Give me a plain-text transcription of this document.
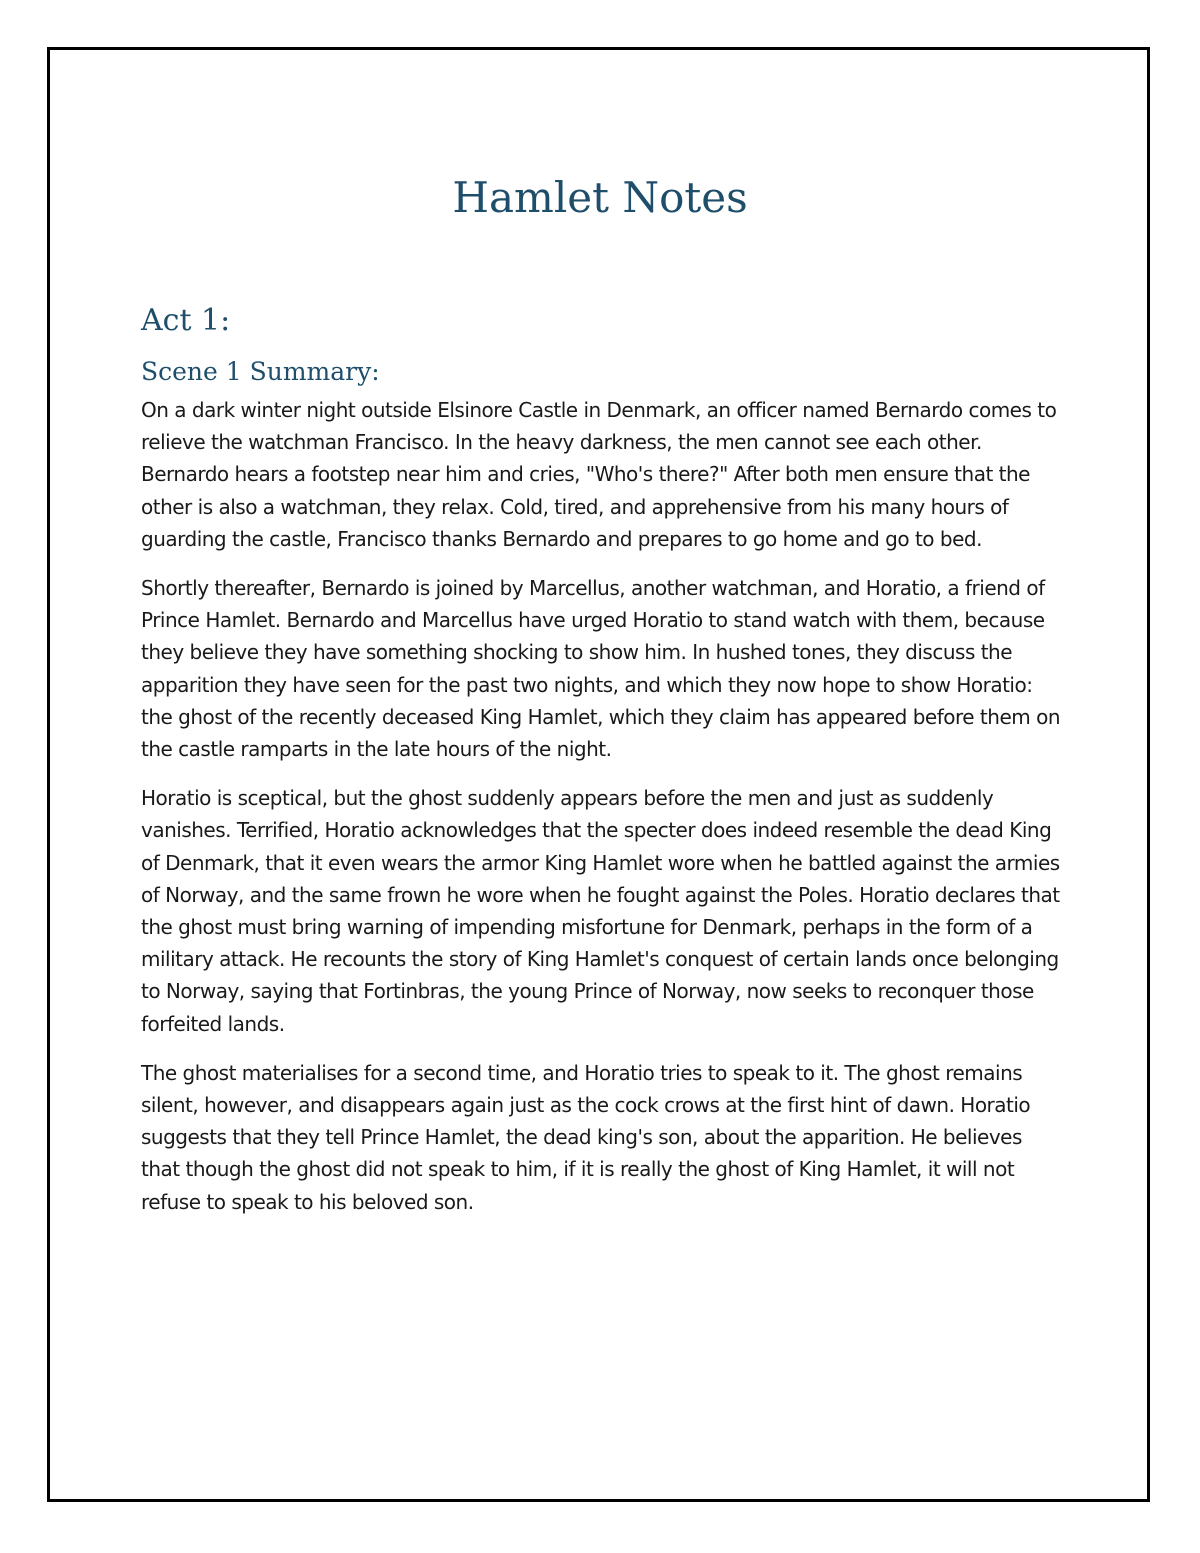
Hamlet Notes
Act 1:
Scene 1 Summary:

On a dark winter night outside Elsinore Castle in Denmark, an officer named Bernardo comes to relieve the watchman Francisco. In the heavy darkness, the men cannot see each other. Bernardo hears a footstep near him and cries, "Who's there?" After both men ensure that the other is also a watchman, they relax. Cold, tired, and apprehensive from his many hours of guarding the castle, Francisco thanks Bernardo and prepares to go home and go to bed.

Shortly thereafter, Bernardo is joined by Marcellus, another watchman, and Horatio, a friend of Prince Hamlet. Bernardo and Marcellus have urged Horatio to stand watch with them, because they believe they have something shocking to show him. In hushed tones, they discuss the apparition they have seen for the past two nights, and which they now hope to show Horatio: the ghost of the recently deceased King Hamlet, which they claim has appeared before them on the castle ramparts in the late hours of the night.

Horatio is sceptical, but the ghost suddenly appears before the men and just as suddenly vanishes. Terrified, Horatio acknowledges that the specter does indeed resemble the dead King of Denmark, that it even wears the armor King Hamlet wore when he battled against the armies of Norway, and the same frown he wore when he fought against the Poles. Horatio declares that the ghost must bring warning of impending misfortune for Denmark, perhaps in the form of a military attack. He recounts the story of King Hamlet's conquest of certain lands once belonging to Norway, saying that Fortinbras, the young Prince of Norway, now seeks to reconquer those forfeited lands.

The ghost materialises for a second time, and Horatio tries to speak to it. The ghost remains silent, however, and disappears again just as the cock crows at the first hint of dawn. Horatio suggests that they tell Prince Hamlet, the dead king's son, about the apparition. He believes that though the ghost did not speak to him, if it is really the ghost of King Hamlet, it will not refuse to speak to his beloved son.
